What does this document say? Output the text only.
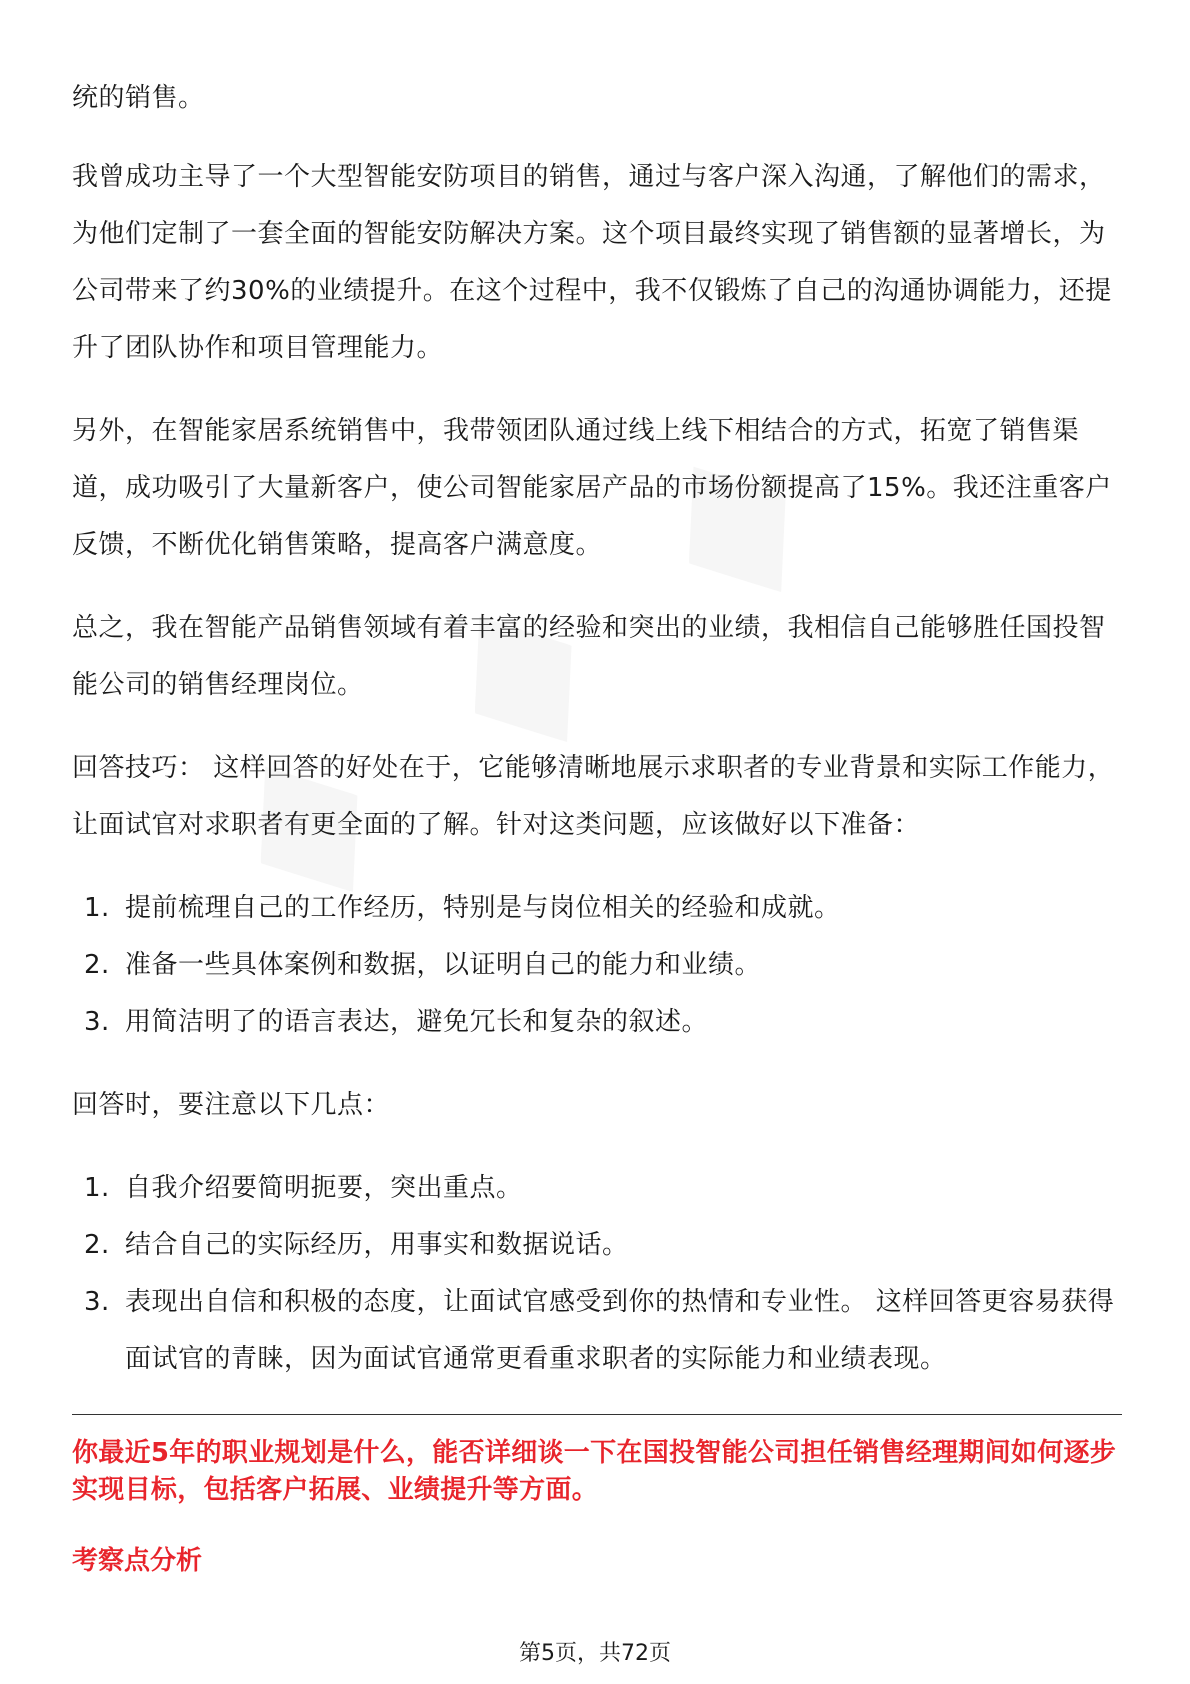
统的销售。

我曾成功主导了一个大型智能安防项目的销售，通过与客户深入沟通，了解他们的需求，为他们定制了一套全面的智能安防解决方案。这个项目最终实现了销售额的显著增长，为公司带来了约30%的业绩提升。在这个过程中，我不仅锻炼了自己的沟通协调能力，还提升了团队协作和项目管理能力。

另外，在智能家居系统销售中，我带领团队通过线上线下相结合的方式，拓宽了销售渠道，成功吸引了大量新客户，使公司智能家居产品的市场份额提高了15%。我还注重客户反馈，不断优化销售策略，提高客户满意度。

总之，我在智能产品销售领域有着丰富的经验和突出的业绩，我相信自己能够胜任国投智能公司的销售经理岗位。

回答技巧： 这样回答的好处在于，它能够清晰地展示求职者的专业背景和实际工作能力，让面试官对求职者有更全面的了解。针对这类问题，应该做好以下准备：

1. 提前梳理自己的工作经历，特别是与岗位相关的经验和成就。
2. 准备一些具体案例和数据，以证明自己的能力和业绩。
3. 用简洁明了的语言表达，避免冗长和复杂的叙述。

回答时，要注意以下几点：

1. 自我介绍要简明扼要，突出重点。
2. 结合自己的实际经历，用事实和数据说话。
3. 表现出自信和积极的态度，让面试官感受到你的热情和专业性。 这样回答更容易获得面试官的青睐，因为面试官通常更看重求职者的实际能力和业绩表现。

你最近5年的职业规划是什么，能否详细谈一下在国投智能公司担任销售经理期间如何逐步实现目标，包括客户拓展、业绩提升等方面。

考察点分析

第5页，共72页
